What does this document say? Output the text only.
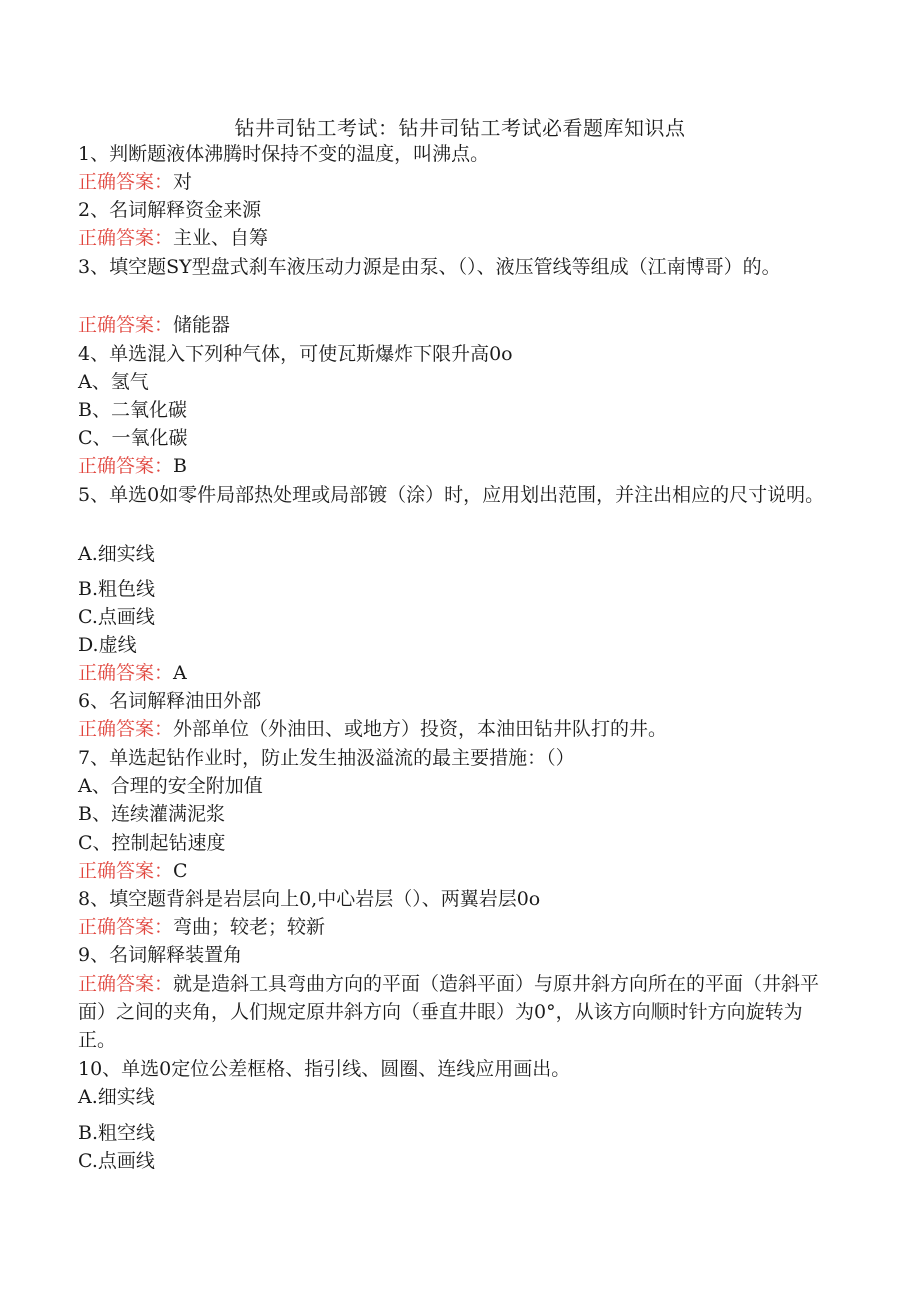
钻井司钻工考试：钻井司钻工考试必看题库知识点
1、判断题液体沸腾时保持不变的温度，叫沸点。
正确答案：对
2、名词解释资金来源
正确答案：主业、自筹
3、填空题SY型盘式刹车液压动力源是由泵、（）、液压管线等组成（江南博哥）的。
正确答案：储能器
4、单选混入下列种气体，可使瓦斯爆炸下限升高0o
A、氢气
B、二氧化碳
C、一氧化碳
正确答案：B
5、单选0如零件局部热处理或局部镀（涂）时，应用划出范围，并注出相应的尺寸说明。
A.细实线
B.粗色线
C.点画线
D.虚线
正确答案：A
6、名词解释油田外部
正确答案：外部单位（外油田、或地方）投资，本油田钻井队打的井。
7、单选起钻作业时，防止发生抽汲溢流的最主要措施：（）
A、合理的安全附加值
B、连续灌满泥浆
C、控制起钻速度
正确答案：C
8、填空题背斜是岩层向上0,中心岩层（）、两翼岩层0o
正确答案：弯曲；较老；较新
9、名词解释装置角
正确答案：就是造斜工具弯曲方向的平面（造斜平面）与原井斜方向所在的平面（井斜平面）之间的夹角，人们规定原井斜方向（垂直井眼）为0°，从该方向顺时针方向旋转为正。
10、单选0定位公差框格、指引线、圆圈、连线应用画出。
A.细实线
B.粗空线
C.点画线
